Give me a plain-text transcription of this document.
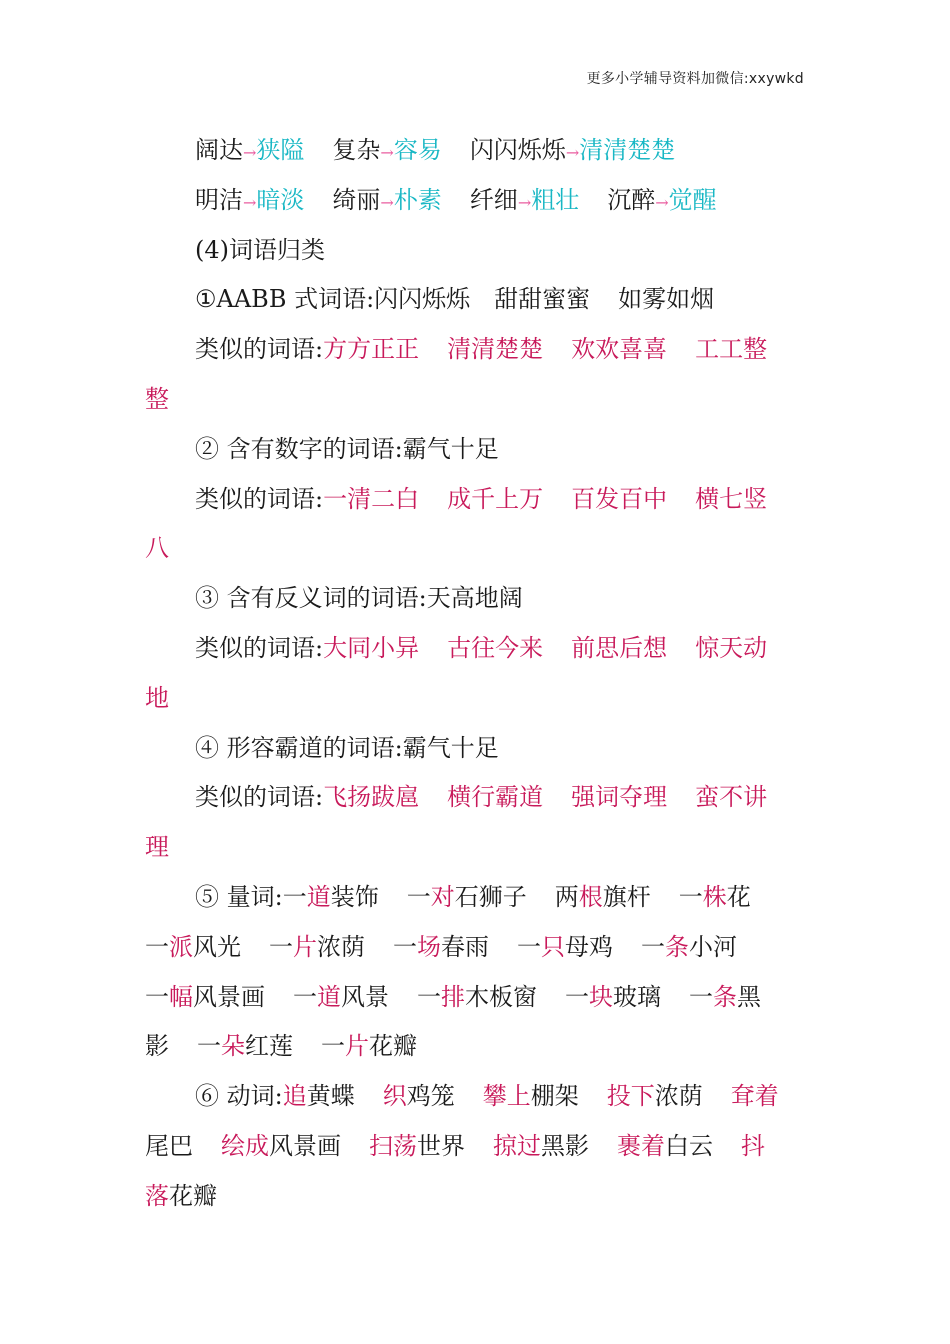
更多小学辅导资料加微信:xxywkd
阔达→狭隘 复杂→容易 闪闪烁烁→清清楚楚
明洁→暗淡 绮丽→朴素 纤细→粗壮 沉醉→觉醒
(4)词语归类
①AABB 式词语:闪闪烁烁 甜甜蜜蜜 如雾如烟
类似的词语:方方正正 清清楚楚 欢欢喜喜 工工整
整
② 含有数字的词语:霸气十足
类似的词语:一清二白 成千上万 百发百中 横七竖
八
③ 含有反义词的词语:天高地阔
类似的词语:大同小异 古往今来 前思后想 惊天动
地
④ 形容霸道的词语:霸气十足
类似的词语:飞扬跋扈 横行霸道 强词夺理 蛮不讲
理
⑤ 量词:一道装饰 一对石狮子 两根旗杆 一株花
一派风光 一片浓荫 一场春雨 一只母鸡 一条小河
一幅风景画 一道风景 一排木板窗 一块玻璃 一条黑
影 一朵红莲 一片花瓣
⑥ 动词:追黄蝶 织鸡笼 攀上棚架 投下浓荫 耷着
尾巴 绘成风景画 扫荡世界 掠过黑影 裹着白云 抖
落花瓣
